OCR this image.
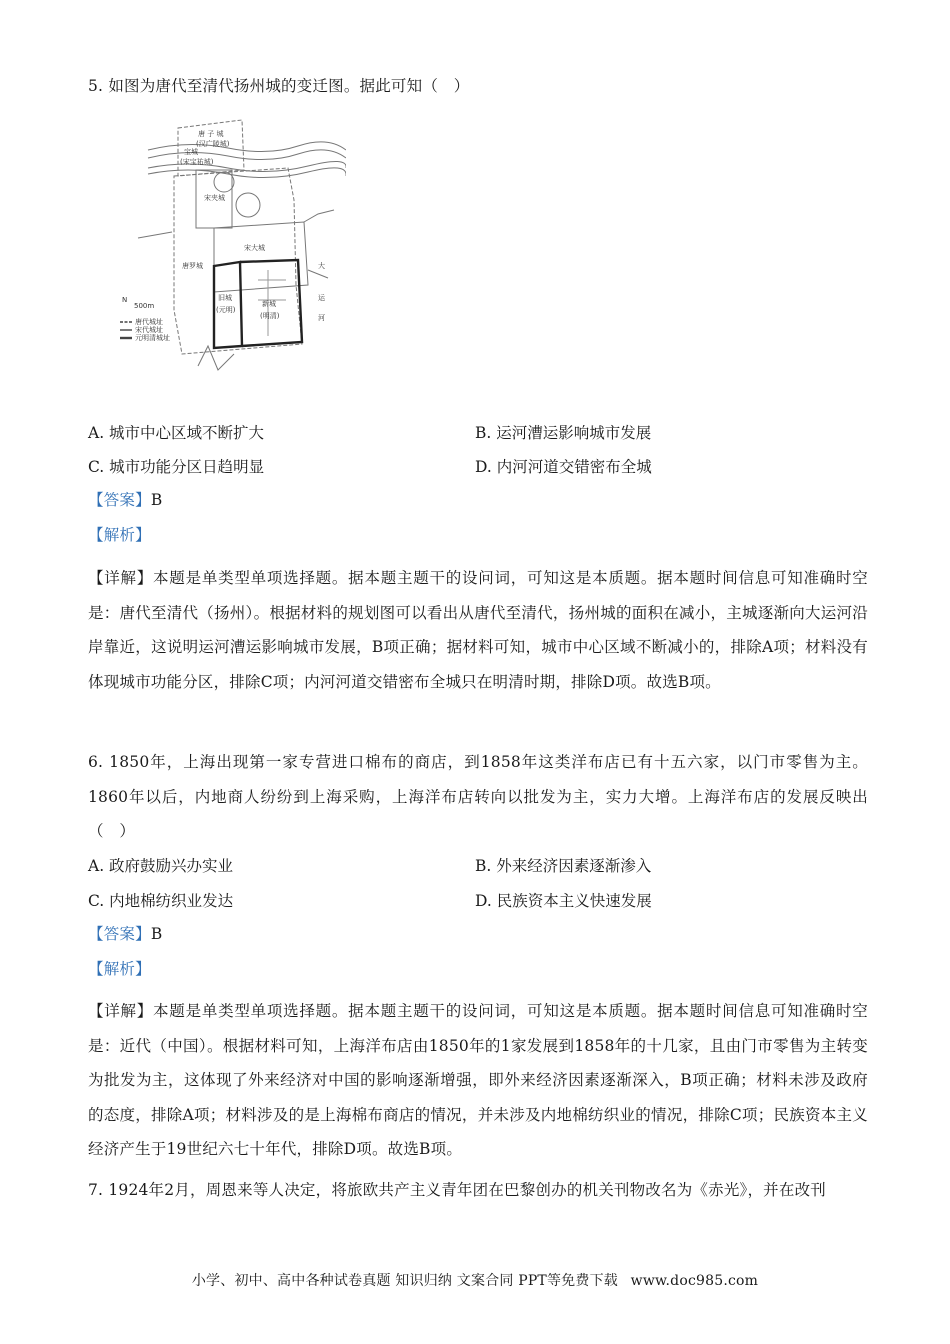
5. 如图为唐代至清代扬州城的变迁图。据此可知（　）
唐 子 城
(汉广陵城)
宝城
(宋宝祐城)
宋夹城
宋大城
唐罗城
旧城
(元明)
新城
(明清)
大
运
河
N
500m
唐代城址
宋代城址
元明清城址
A. 城市中心区域不断扩大	B. 运河漕运影响城市发展
C. 城市功能分区日趋明显	D. 内河河道交错密布全城
【答案】B
【解析】
【详解】本题是单类型单项选择题。据本题主题干的设问词，可知这是本质题。据本题时间信息可知准确时空是：唐代至清代（扬州）。根据材料的规划图可以看出从唐代至清代，扬州城的面积在减小，主城逐渐向大运河沿岸靠近，这说明运河漕运影响城市发展，B项正确；据材料可知，城市中心区域不断减小的，排除A项；材料没有体现城市功能分区，排除C项；内河河道交错密布全城只在明清时期，排除D项。故选B项。
6. 1850年，上海出现第一家专营进口棉布的商店，到1858年这类洋布店已有十五六家，以门市零售为主。1860年以后，内地商人纷纷到上海采购，上海洋布店转向以批发为主，实力大增。上海洋布店的发展反映出（　）
A. 政府鼓励兴办实业	B. 外来经济因素逐渐渗入
C. 内地棉纺织业发达	D. 民族资本主义快速发展
【答案】B
【解析】
【详解】本题是单类型单项选择题。据本题主题干的设问词，可知这是本质题。据本题时间信息可知准确时空是：近代（中国）。根据材料可知，上海洋布店由1850年的1家发展到1858年的十几家，且由门市零售为主转变为批发为主，这体现了外来经济对中国的影响逐渐增强，即外来经济因素逐渐深入，B项正确；材料未涉及政府的态度，排除A项；材料涉及的是上海棉布商店的情况，并未涉及内地棉纺织业的情况，排除C项；民族资本主义经济产生于19世纪六七十年代，排除D项。故选B项。
7. 1924年2月，周恩来等人决定，将旅欧共产主义青年团在巴黎创办的机关刊物改名为《赤光》，并在改刊
小学、初中、高中各种试卷真题 知识归纳 文案合同 PPT等免费下载 www.doc985.com
